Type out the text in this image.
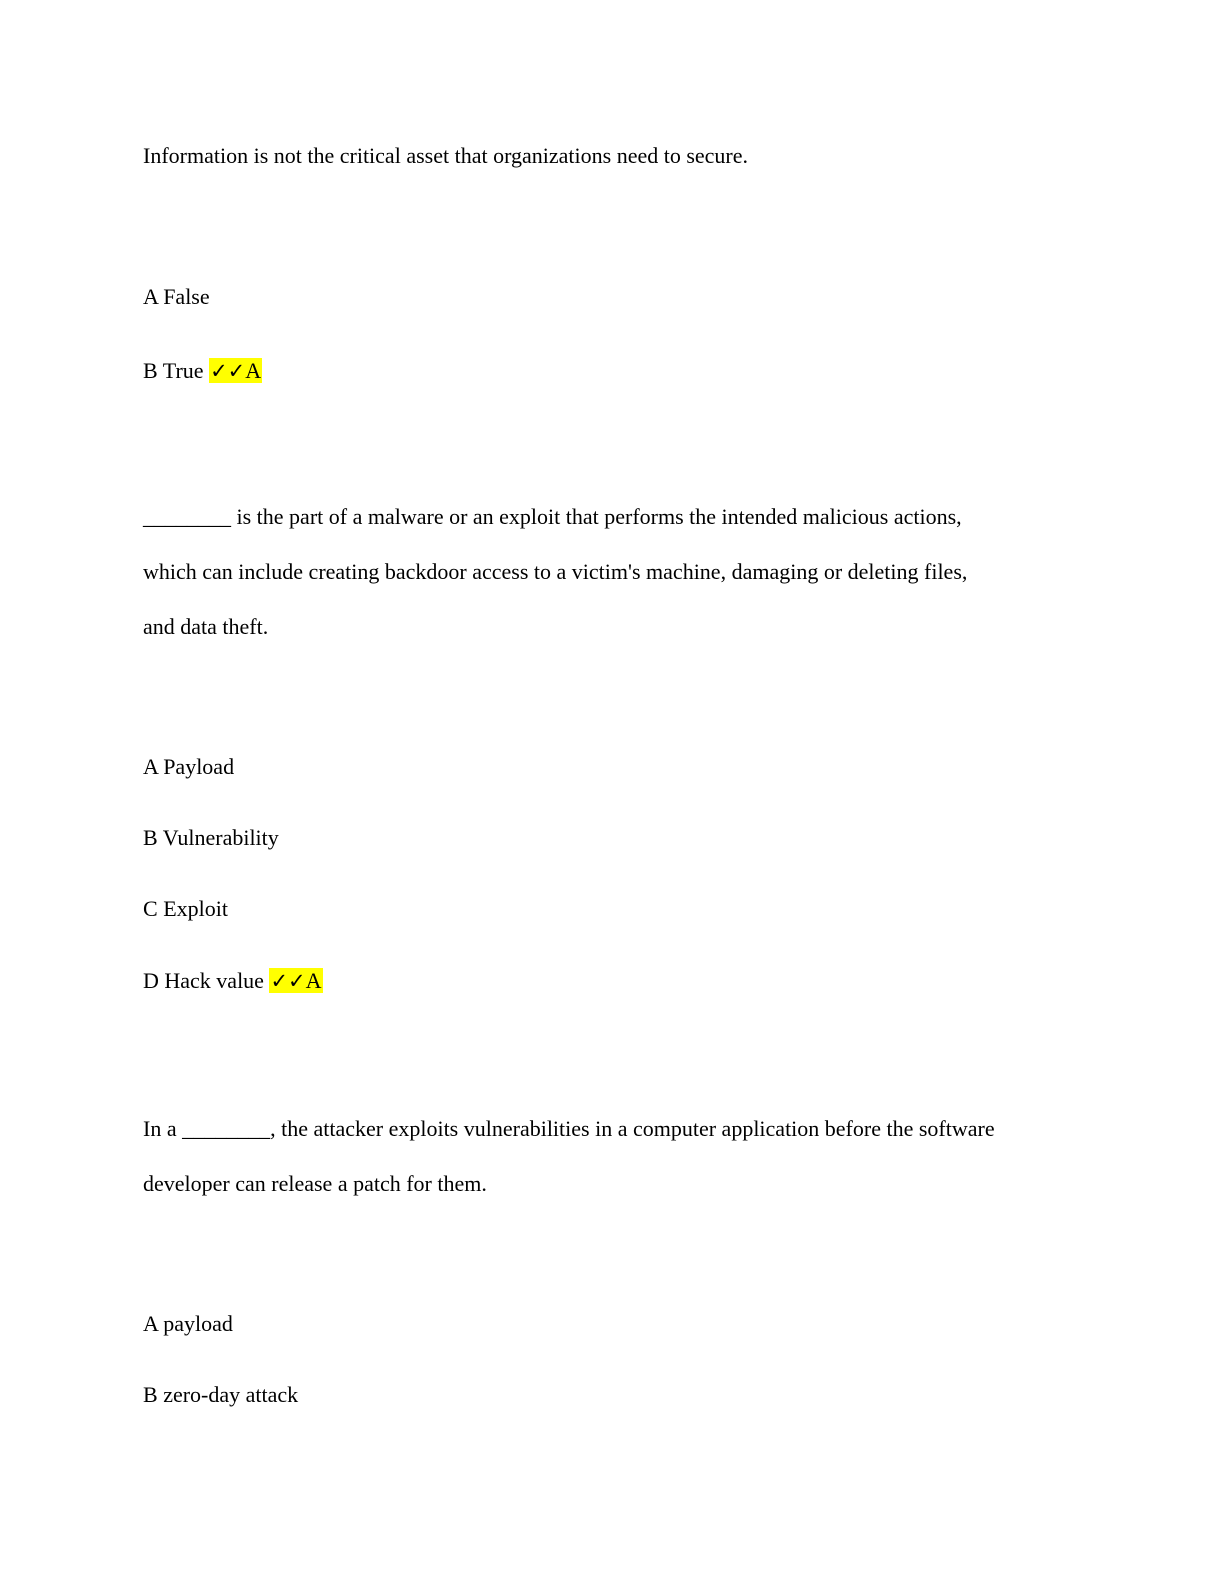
Information is not the critical asset that organizations need to secure.
A False
B True ✓✓A
________ is the part of a malware or an exploit that performs the intended malicious actions,
which can include creating backdoor access to a victim's machine, damaging or deleting files,
and data theft.
A Payload
B Vulnerability
C Exploit
D Hack value ✓✓A
In a ________, the attacker exploits vulnerabilities in a computer application before the software
developer can release a patch for them.
A payload
B zero-day attack
